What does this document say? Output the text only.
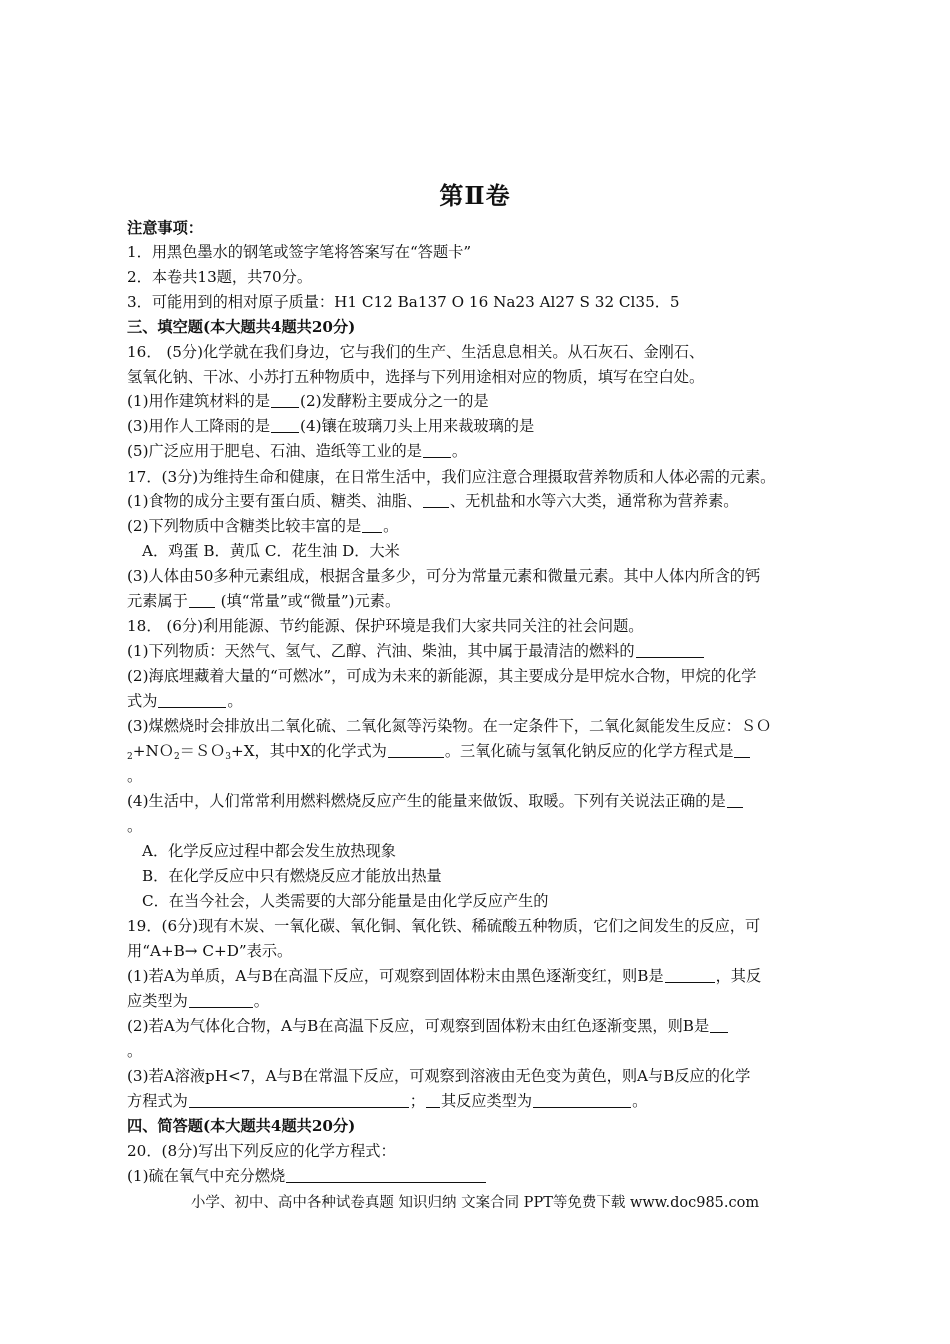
第Ⅱ卷
注意事项：
1．用黑色墨水的钢笔或签字笔将答案写在“答题卡”
2．本卷共13题，共70分。
3．可能用到的相对原子质量：H1 C12 Ba137 O 16 Na23 Al27 S 32 Cl35．5
三、填空题(本大题共4题共20分)
16． (5分)化学就在我们身边，它与我们的生产、生活息息相关。从石灰石、金刚石、
氢氧化钠、干冰、小苏打五种物质中，选择与下列用途相对应的物质，填写在空白处。
(1)用作建筑材料的是 (2)发酵粉主要成分之一的是
(3)用作人工降雨的是 (4)镶在玻璃刀头上用来裁玻璃的是
(5)广泛应用于肥皂、石油、造纸等工业的是 。
17．(3分)为维持生命和健康，在日常生活中，我们应注意合理摄取营养物质和人体必需的元素。
(1)食物的成分主要有蛋白质、糖类、油脂、 、无机盐和水等六大类，通常称为营养素。
(2)下列物质中含糖类比较丰富的是 。
A．鸡蛋 B．黄瓜 C．花生油 D．大米
(3)人体由50多种元素组成，根据含量多少，可分为常量元素和微量元素。其中人体内所含的钙
元素属于 (填“常量”或“微量”)元素。
18． (6分)利用能源、节约能源、保护环境是我们大家共同关注的社会问题。
(1)下列物质：天然气、氢气、乙醇、汽油、柴油，其中属于最清洁的燃料的
(2)海底埋藏着大量的“可燃冰”，可成为未来的新能源，其主要成分是甲烷水合物，甲烷的化学
式为	。
(3)煤燃烧时会排放出二氧化硫、二氧化氮等污染物。在一定条件下，二氧化氮能发生反应：ＳＯ
$_2$+NＯ$_2$＝ＳＯ$_3$+X，其中X的化学式为	。三氧化硫与氢氧化钠反应的化学方程式是
。
(4)生活中，人们常常利用燃料燃烧反应产生的能量来做饭、取暖。下列有关说法正确的是
。
A．化学反应过程中都会发生放热现象
B．在化学反应中只有燃烧反应才能放出热量
C．在当今社会，人类需要的大部分能量是由化学反应产生的
19．(6分)现有木炭、一氧化碳、氧化铜、氧化铁、稀硫酸五种物质，它们之间发生的反应，可
用“A+B→ C+D”表示。
(1)若A为单质，A与B在高温下反应，可观察到固体粉末由黑色逐渐变红，则B是	，其反
应类型为	。
(2)若A为气体化合物，A与B在高温下反应，可观察到固体粉末由红色逐渐变黑，则B是
。
(3)若A溶液pH<7，A与B在常温下反应，可观察到溶液由无色变为黄色，则A与B反应的化学
方程式为	； 其反应类型为	。
四、简答题(本大题共4题共20分)
20．(8分)写出下列反应的化学方程式：
(1)硫在氧气中充分燃烧
小学、初中、高中各种试卷真题 知识归纳 文案合同 PPT等免费下载 www.doc985.com
